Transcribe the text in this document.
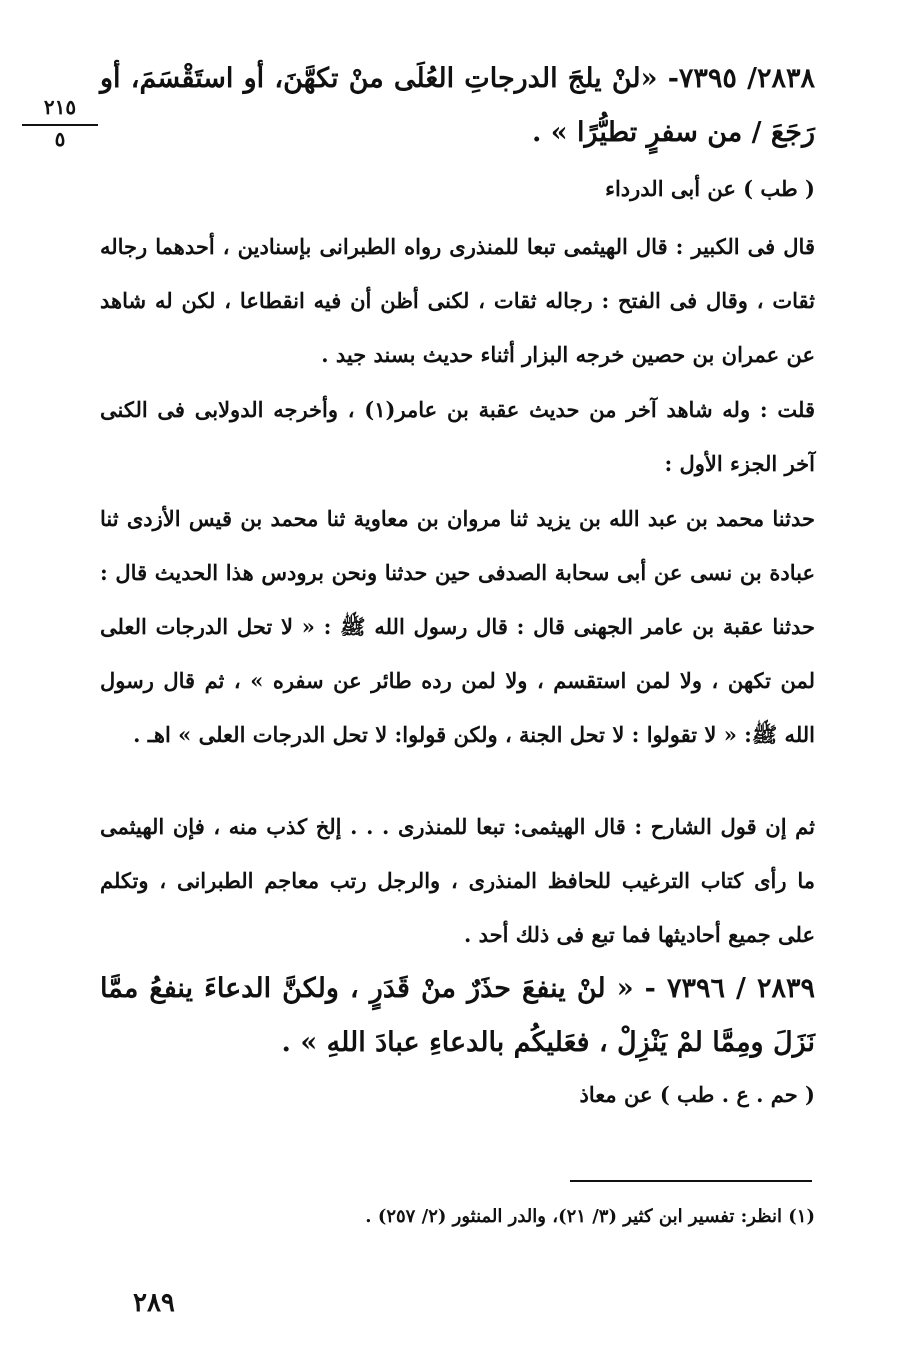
٢١٥
٥

٢٨٣٨/ ٧٣٩٥- «لنْ يلجَ الدرجاتِ العُلَى منْ تكهَّنَ، أو استَقْسَمَ، أو رَجَعَ / من سفرٍ تطيُّرًا » .

( طب ) عن أبى الدرداء

قال فى الكبير : قال الهيثمى تبعا للمنذرى رواه الطبرانى بإسنادين ، أحدهما رجاله ثقات ، وقال فى الفتح : رجاله ثقات ، لكنى أظن أن فيه انقطاعا ، لكن له شاهد عن عمران بن حصين خرجه البزار أثناء حديث بسند جيد .

قلت : وله شاهد آخر من حديث عقبة بن عامر(١) ، وأخرجه الدولابى فى الكنى آخر الجزء الأول :

حدثنا محمد بن عبد الله بن يزيد ثنا مروان بن معاوية ثنا محمد بن قيس الأزدى ثنا عبادة بن نسى عن أبى سحابة الصدفى حين حدثنا ونحن برودس هذا الحديث قال : حدثنا عقبة بن عامر الجهنى قال : قال رسول الله ﷺ : « لا تحل الدرجات العلى لمن تكهن ، ولا لمن استقسم ، ولا لمن رده طائر عن سفره » ، ثم قال رسول الله ﷺ: « لا تقولوا : لا تحل الجنة ، ولكن قولوا: لا تحل الدرجات العلى » اهـ .

ثم إن قول الشارح : قال الهيثمى: تبعا للمنذرى . . . إلخ كذب منه ، فإن الهيثمى ما رأى كتاب الترغيب للحافظ المنذرى ، والرجل رتب معاجم الطبرانى ، وتكلم على جميع أحاديثها فما تبع فى ذلك أحد .

٢٨٣٩ / ٧٣٩٦ - « لنْ ينفعَ حذَرٌ منْ قَدَرٍ ، ولكنَّ الدعاءَ ينفعُ ممَّا نَزَلَ ومِمَّا لمْ يَنْزِلْ ، فعَليكُم بالدعاءِ عبادَ اللهِ » .

( حم . ع . طب ) عن معاذ

(١) انظر: تفسير ابن كثير (٣/ ٢١)، والدر المنثور (٢/ ٢٥٧) .
٢٨٩
